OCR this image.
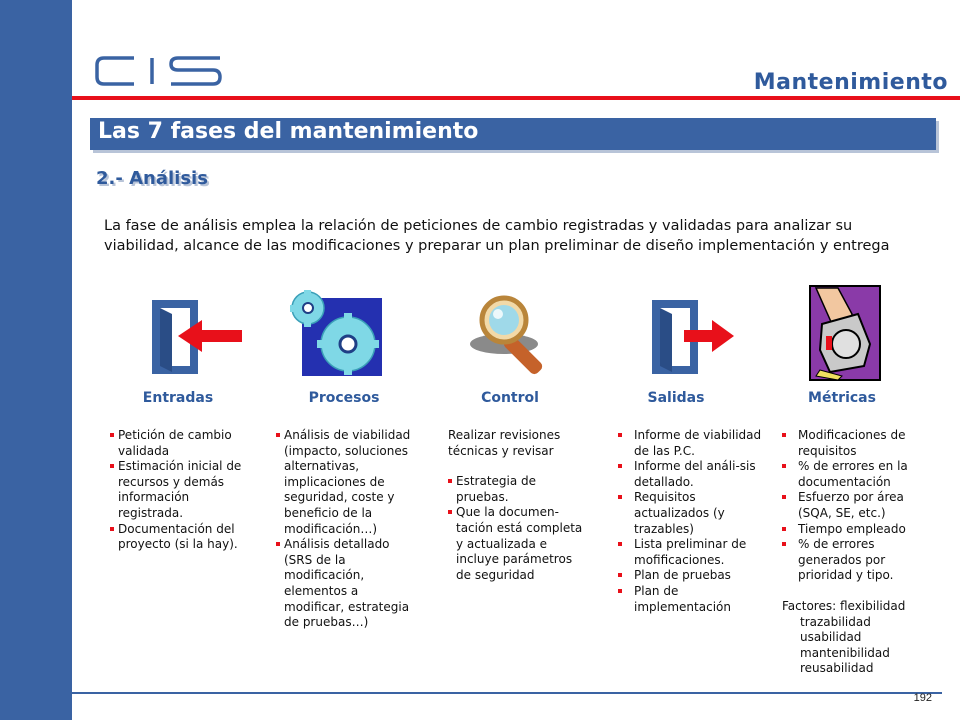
Mantenimiento
Las 7 fases del mantenimiento
2.- Análisis

La fase de análisis emplea la relación de peticiones de cambio registradas y validadas para analizar su viabilidad, alcance de las modificaciones y preparar un plan preliminar de diseño implementación y entrega

Entradas	Procesos	Control	Salidas	Métricas
Petición de cambio validada
Estimación inicial de recursos y demás información registrada.
Documentación del proyecto (si la hay).
Análisis de viabilidad (impacto, soluciones alternativas, implicaciones de seguridad, coste y beneficio de la modificación…)
Análisis detallado (SRS de la modificación, elementos a modificar, estrategia de pruebas…)
Realizar revisiones técnicas y revisar
Estrategia de pruebas.
Que la documen-tación está completa y actualizada e incluye parámetros de seguridad
Informe de viabilidad de las P.C.
Informe del análi-sis detallado.
Requisitos actualizados (y trazables)
Lista preliminar de mofificaciones.
Plan de pruebas
Plan de implementación
Modificaciones de requisitos
% de errores en la documentación
Esfuerzo por área (SQA, SE, etc.)
Tiempo empleado
% de errores generados por prioridad y tipo.
Factores: flexibilidad
trazabilidad
usabilidad
mantenibilidad
reusabilidad
192
